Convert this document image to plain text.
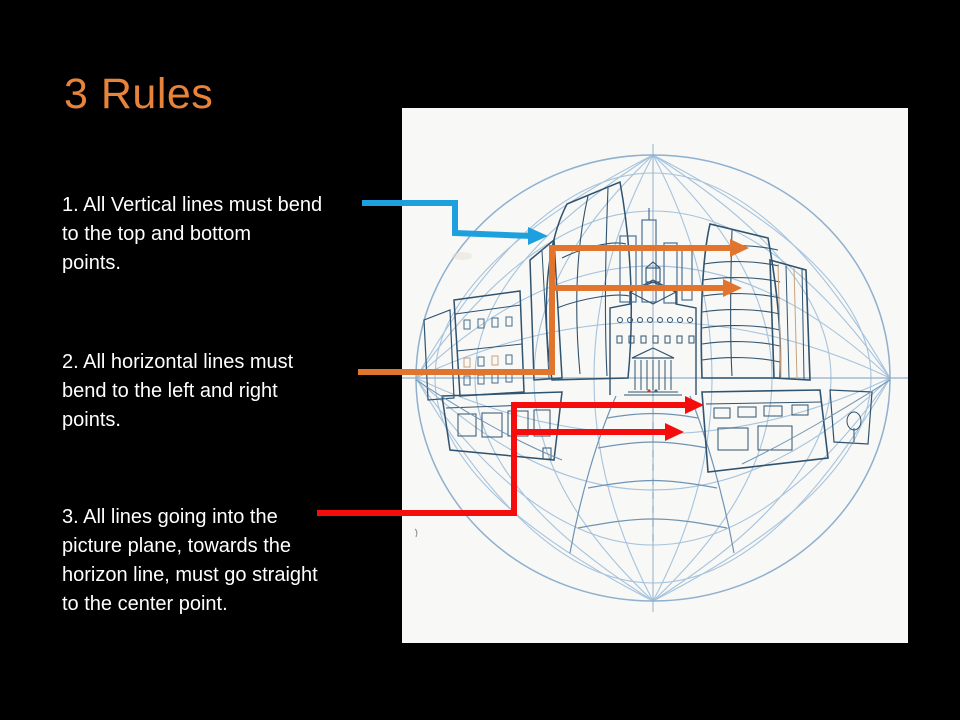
3 Rules
1. All Vertical lines must bend
to the top and bottom
points.
2. All horizontal lines must
bend to the left and right
points.
3. All lines going into the
picture plane, towards the
horizon line, must go straight
to the center point.
